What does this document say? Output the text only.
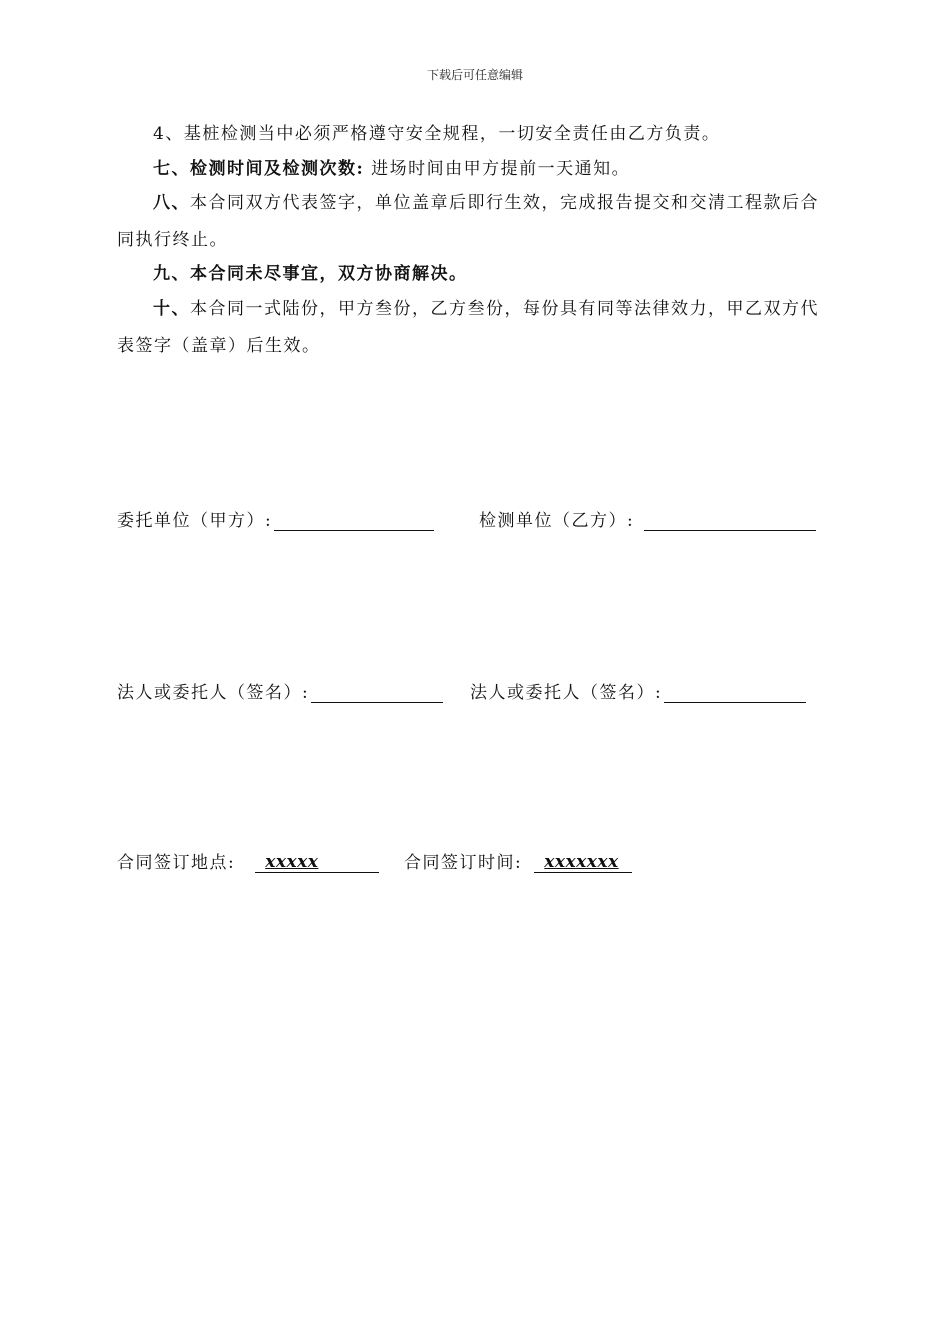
下载后可任意编辑

4、基桩检测当中必须严格遵守安全规程，一切安全责任由乙方负责。

七、检测时间及检测次数: 进场时间由甲方提前一天通知。

八、本合同双方代表签字，单位盖章后即行生效，完成报告提交和交清工程款后合同执行终止。

九、本合同未尽事宜，双方协商解决。

十、本合同一式陆份，甲方叁份，乙方叁份，每份具有同等法律效力，甲乙双方代表签字（盖章）后生效。

委托单位（甲方）:	检测单位（乙方）:
法人或委托人（签名）:	法人或委托人（签名）:
合同签订地点: xxxxx	合同签订时间: xxxxxxx
